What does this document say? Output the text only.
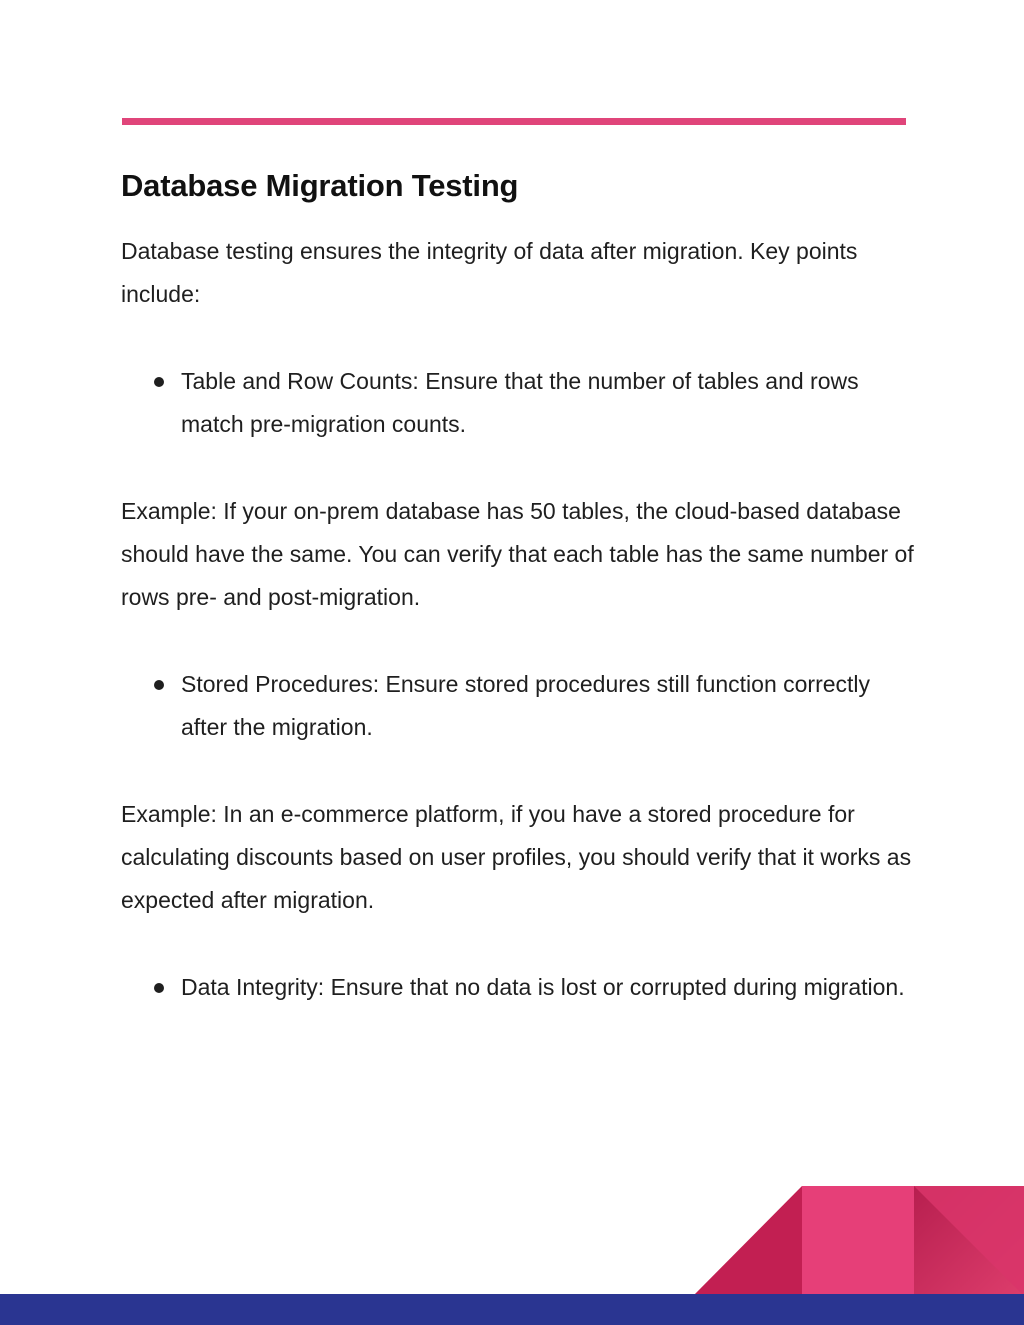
Database Migration Testing

Database testing ensures the integrity of data after migration. Key points include:

Table and Row Counts: Ensure that the number of tables and rows match pre-migration counts.

Example: If your on-prem database has 50 tables, the cloud-based database should have the same. You can verify that each table has the same number of rows pre- and post-migration.

Stored Procedures: Ensure stored procedures still function correctly after the migration.

Example: In an e-commerce platform, if you have a stored procedure for calculating discounts based on user profiles, you should verify that it works as expected after migration.

Data Integrity: Ensure that no data is lost or corrupted during migration.
